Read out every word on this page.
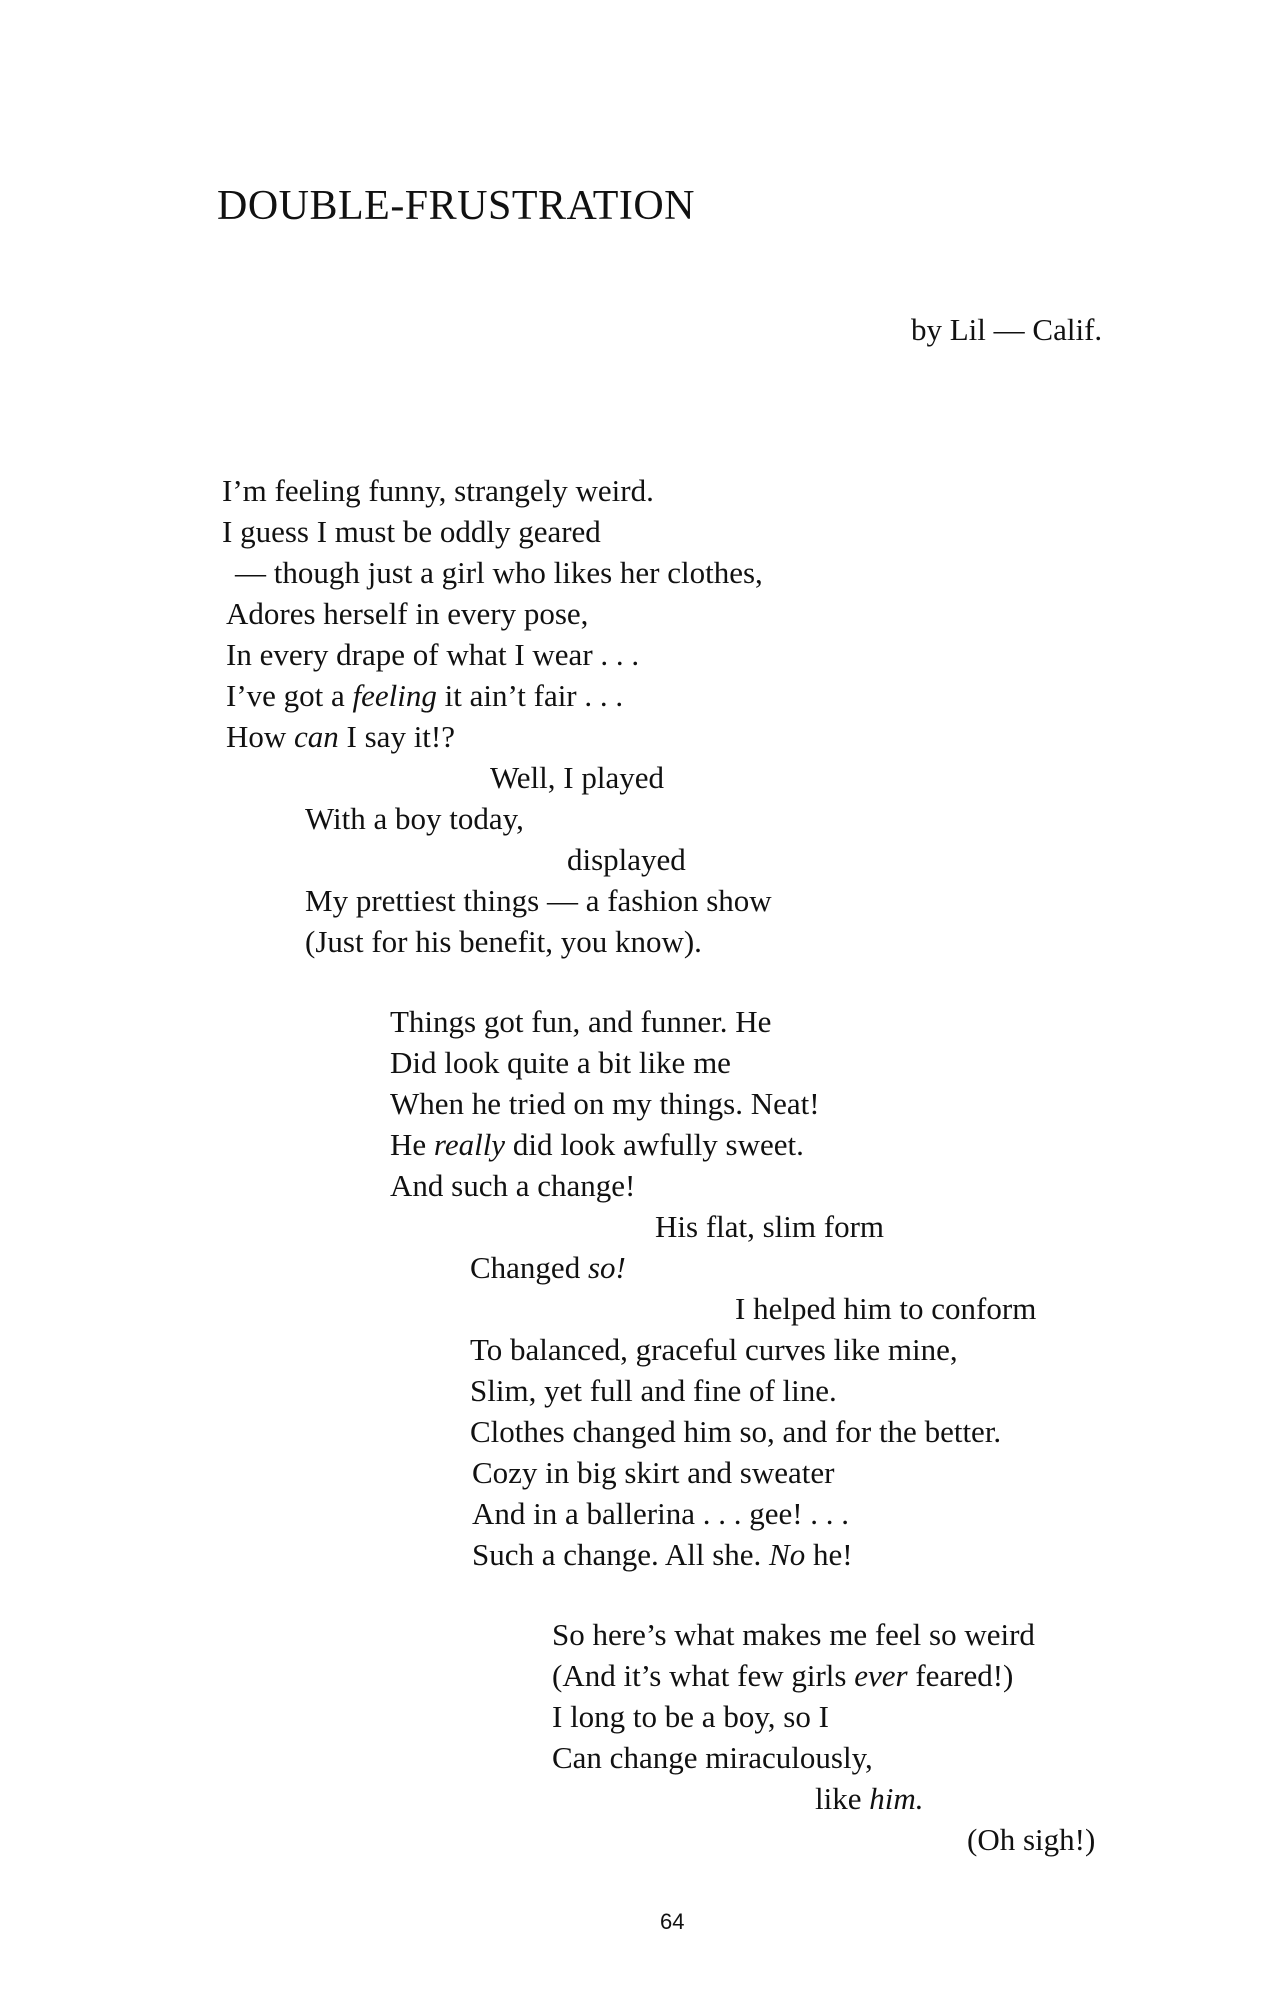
DOUBLE-FRUSTRATION
by Lil — Calif.
I’m feeling funny, strangely weird.
I guess I must be oddly geared
— though just a girl who likes her clothes,
Adores herself in every pose,
In every drape of what I wear . . .
I’ve got a feeling it ain’t fair . . .
How can I say it!?
Well, I played
With a boy today,
displayed
My prettiest things — a fashion show
(Just for his benefit, you know).
Things got fun, and funner. He
Did look quite a bit like me
When he tried on my things. Neat!
He really did look awfully sweet.
And such a change!
His flat, slim form
Changed so!
I helped him to conform
To balanced, graceful curves like mine,
Slim, yet full and fine of line.
Clothes changed him so, and for the better.
Cozy in big skirt and sweater
And in a ballerina . . . gee! . . .
Such a change. All she. No he!
So here’s what makes me feel so weird
(And it’s what few girls ever feared!)
I long to be a boy, so I
Can change miraculously,
like him.
(Oh sigh!)
64
